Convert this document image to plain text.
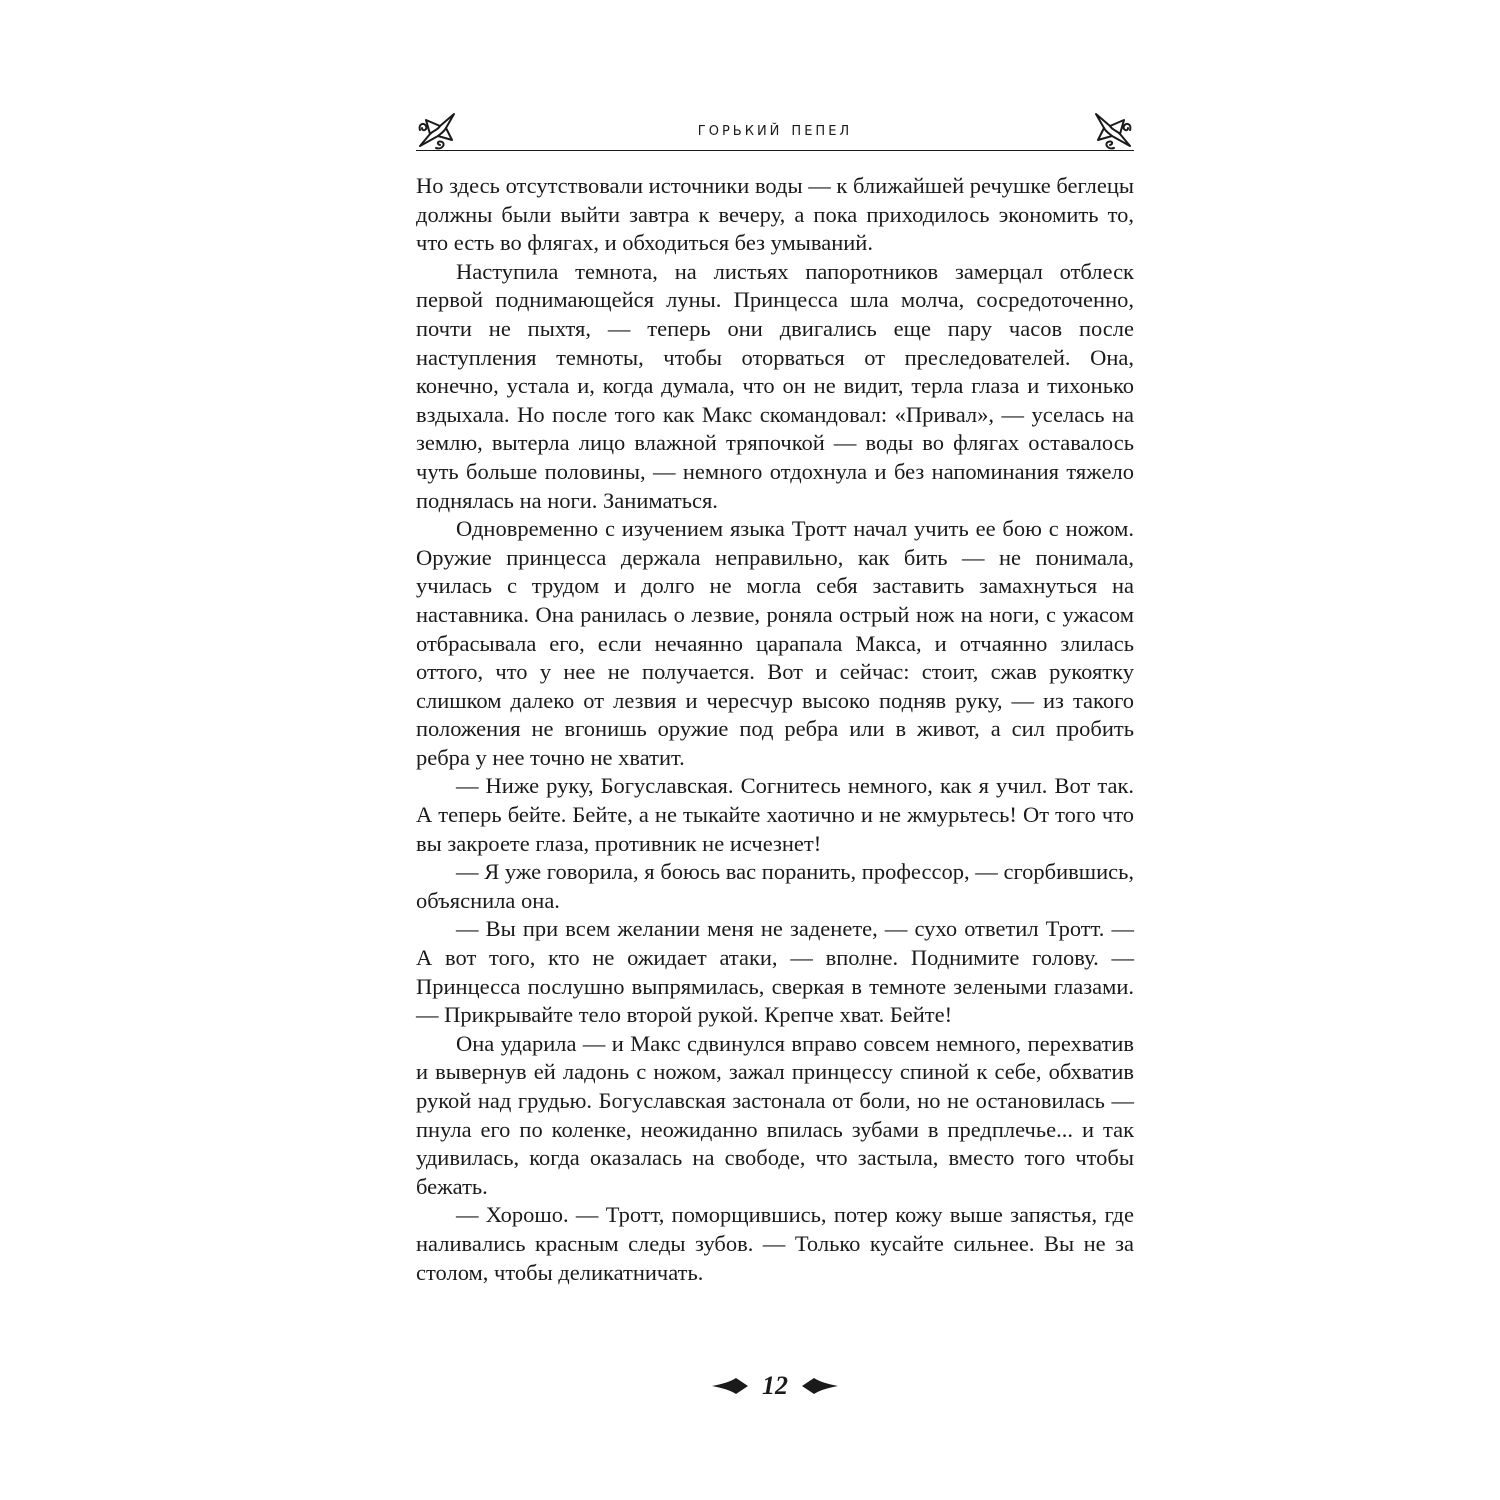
горький пепел

Но здесь отсутствовали источники воды — к ближайшей речушке беглецы должны были выйти завтра к вечеру, а пока приходилось экономить то, что есть во флягах, и обходиться без умываний.

Наступила темнота, на листьях папоротников замерцал отблеск первой поднимающейся луны. Принцесса шла молча, сосредоточенно, почти не пыхтя, — теперь они двигались еще пару часов после наступления темноты, чтобы оторваться от преследователей. Она, конечно, устала и, когда думала, что он не видит, терла глаза и тихонько вздыхала. Но после того как Макс скомандовал: «Привал», — уселась на землю, вытерла лицо влажной тряпочкой — воды во флягах оставалось чуть больше половины, — немного отдохнула и без напоминания тяжело поднялась на ноги. Заниматься.

Одновременно с изучением языка Тротт начал учить ее бою с ножом. Оружие принцесса держала неправильно, как бить — не понимала, училась с трудом и долго не могла себя заставить замахнуться на наставника. Она ранилась о лезвие, роняла острый нож на ноги, с ужасом отбрасывала его, если нечаянно царапала Макса, и отчаянно злилась оттого, что у нее не получается. Вот и сейчас: стоит, сжав рукоятку слишком далеко от лезвия и чересчур высоко подняв руку, — из такого положения не вгонишь оружие под ребра или в живот, а сил пробить ребра у нее точно не хватит.

— Ниже руку, Богуславская. Согнитесь немного, как я учил. Вот так. А теперь бейте. Бейте, а не тыкайте хаотично и не жмурьтесь! От того что вы закроете глаза, противник не исчезнет!

— Я уже говорила, я боюсь вас поранить, профессор, — сгорбившись, объяснила она.

— Вы при всем желании меня не заденете, — сухо ответил Тротт. — А вот того, кто не ожидает атаки, — вполне. Поднимите голову. — Принцесса послушно выпрямилась, сверкая в темноте зелеными глазами. — Прикрывайте тело второй рукой. Крепче хват. Бейте!

Она ударила — и Макс сдвинулся вправо совсем немного, перехватив и вывернув ей ладонь с ножом, зажал принцессу спиной к себе, обхватив рукой над грудью. Богуславская застонала от боли, но не остановилась — пнула его по коленке, неожиданно впилась зубами в предплечье... и так удивилась, когда оказалась на свободе, что застыла, вместо того чтобы бежать.

— Хорошо. — Тротт, поморщившись, потер кожу выше запястья, где наливались красным следы зубов. — Только кусайте сильнее. Вы не за столом, чтобы деликатничать.

12
